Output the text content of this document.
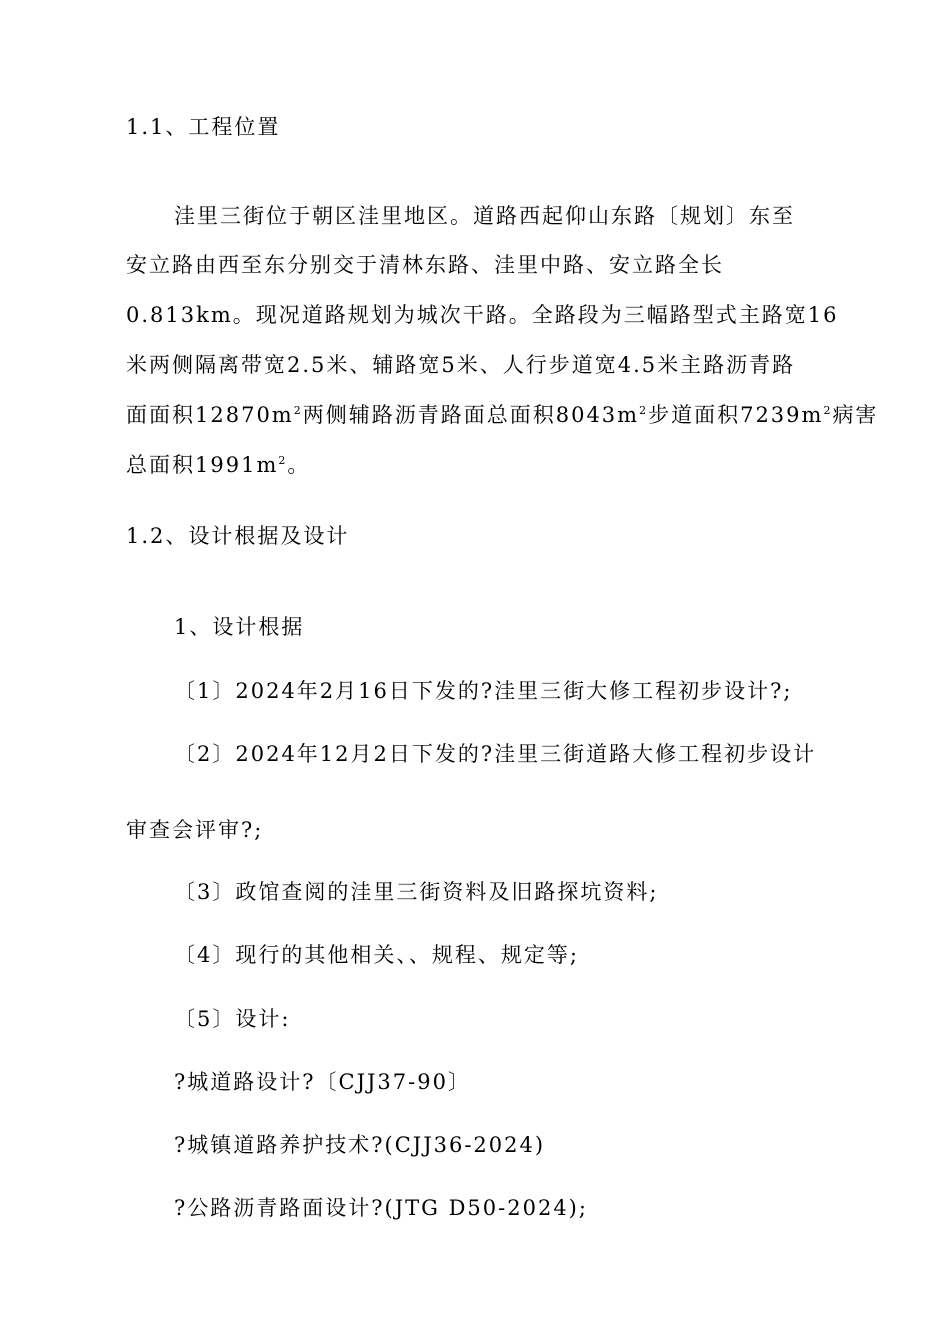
1.1、工程位置
洼里三街位于朝区洼里地区。道路西起仰山东路〔规划〕东至
安立路由西至东分别交于清林东路、洼里中路、安立路全长
0.813km。现况道路规划为城次干路。全路段为三幅路型式主路宽16
米两侧隔离带宽2.5米、辅路宽5米、人行步道宽4.5米主路沥青路
面面积$12870m^2$两侧辅路沥青路面总面积$8043m^2$步道面积$7239m^2$病害
总面积$1991m^2$。
1.2、设计根据及设计
1、设计根据
〔1〕2024年2月16日下发的?洼里三街大修工程初步设计?;
〔2〕2024年12月2日下发的?洼里三街道路大修工程初步设计
审查会评审?;
〔3〕政馆查阅的洼里三街资料及旧路探坑资料;
〔4〕现行的其他相关、、规程、规定等;
〔5〕设计:
?城道路设计?〔CJJ37-90〕
?城镇道路养护技术?(CJJ36-2024)
?公路沥青路面设计?(JTG D50-2024);
